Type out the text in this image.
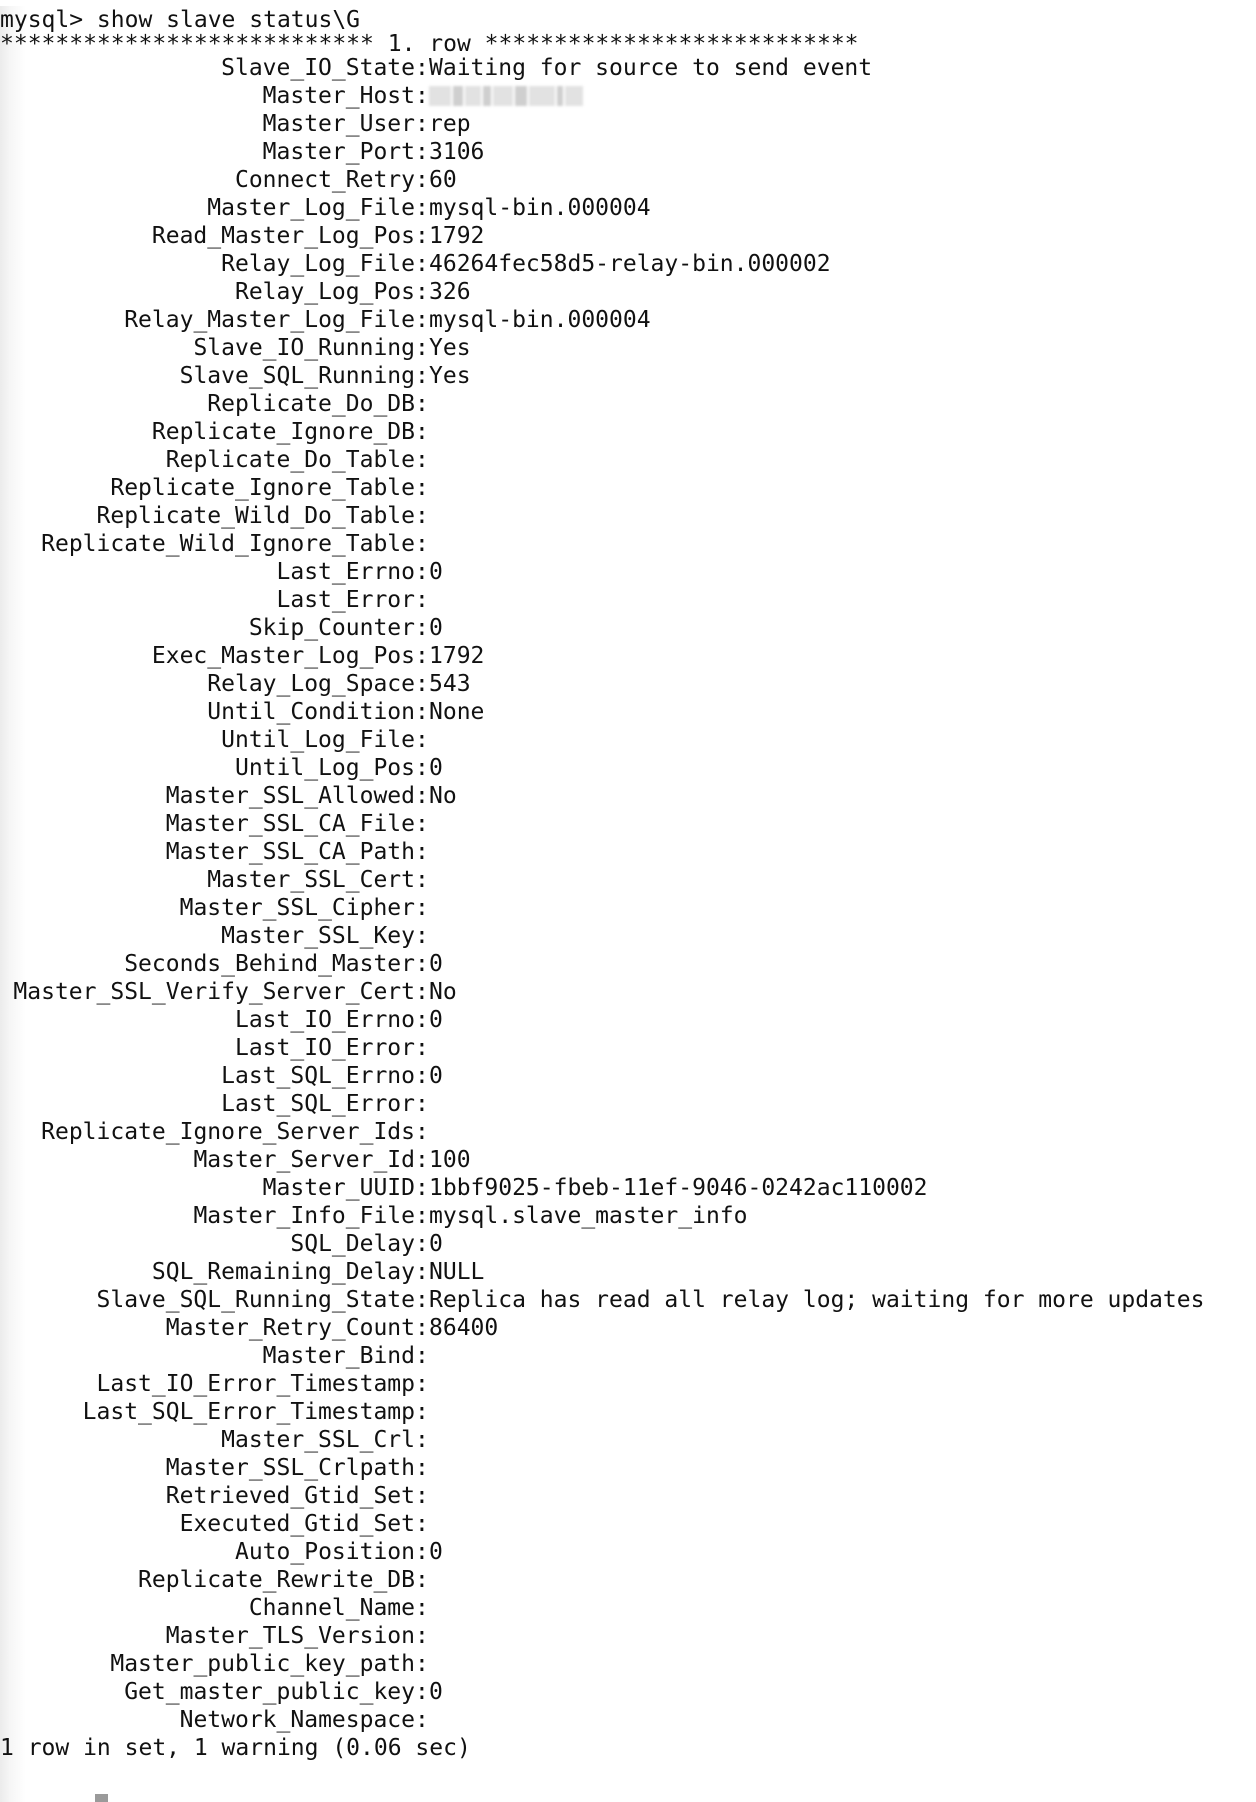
mysql> show slave status\G
*************************** 1. row ***************************
Slave_IO_State : Waiting for source to send event
Master_Host :
Master_User : rep
Master_Port : 3106
Connect_Retry : 60
Master_Log_File : mysql-bin.000004
Read_Master_Log_Pos : 1792
Relay_Log_File : 46264fec58d5-relay-bin.000002
Relay_Log_Pos : 326
Relay_Master_Log_File : mysql-bin.000004
Slave_IO_Running : Yes
Slave_SQL_Running : Yes
Replicate_Do_DB :
Replicate_Ignore_DB :
Replicate_Do_Table :
Replicate_Ignore_Table :
Replicate_Wild_Do_Table :
Replicate_Wild_Ignore_Table :
Last_Errno : 0
Last_Error :
Skip_Counter : 0
Exec_Master_Log_Pos : 1792
Relay_Log_Space : 543
Until_Condition : None
Until_Log_File :
Until_Log_Pos : 0
Master_SSL_Allowed : No
Master_SSL_CA_File :
Master_SSL_CA_Path :
Master_SSL_Cert :
Master_SSL_Cipher :
Master_SSL_Key :
Seconds_Behind_Master : 0
Master_SSL_Verify_Server_Cert : No
Last_IO_Errno : 0
Last_IO_Error :
Last_SQL_Errno : 0
Last_SQL_Error :
Replicate_Ignore_Server_Ids :
Master_Server_Id : 100
Master_UUID : 1bbf9025-fbeb-11ef-9046-0242ac110002
Master_Info_File : mysql.slave_master_info
SQL_Delay : 0
SQL_Remaining_Delay : NULL
Slave_SQL_Running_State : Replica has read all relay log; waiting for more updates
Master_Retry_Count : 86400
Master_Bind :
Last_IO_Error_Timestamp :
Last_SQL_Error_Timestamp :
Master_SSL_Crl :
Master_SSL_Crlpath :
Retrieved_Gtid_Set :
Executed_Gtid_Set :
Auto_Position : 0
Replicate_Rewrite_DB :
Channel_Name :
Master_TLS_Version :
Master_public_key_path :
Get_master_public_key : 0
Network_Namespace :
1 row in set, 1 warning (0.06 sec)
